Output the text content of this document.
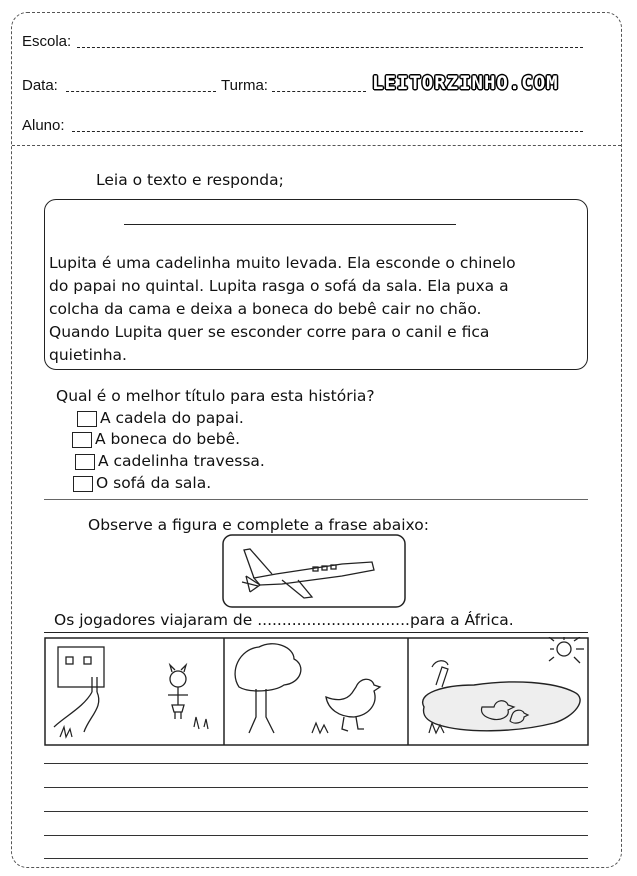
Escola:
Data:	Turma:	LEITORZINHO.COM
Aluno:
Leia o texto e responda;

Lupita é uma cadelinha muito levada. Ela esconde o chinelo

do papai no quintal. Lupita rasga o sofá da sala. Ela puxa a

colcha da cama e deixa a boneca do bebê cair no chão.

Quando Lupita quer se esconder corre para o canil e fica

quietinha.

Qual é o melhor título para esta história?
A cadela do papai.
A boneca do bebê.
A cadelinha travessa.
O sofá da sala.
Observe a figura e complete a frase abaixo:
Os jogadores viajaram de ...............................para a África.
